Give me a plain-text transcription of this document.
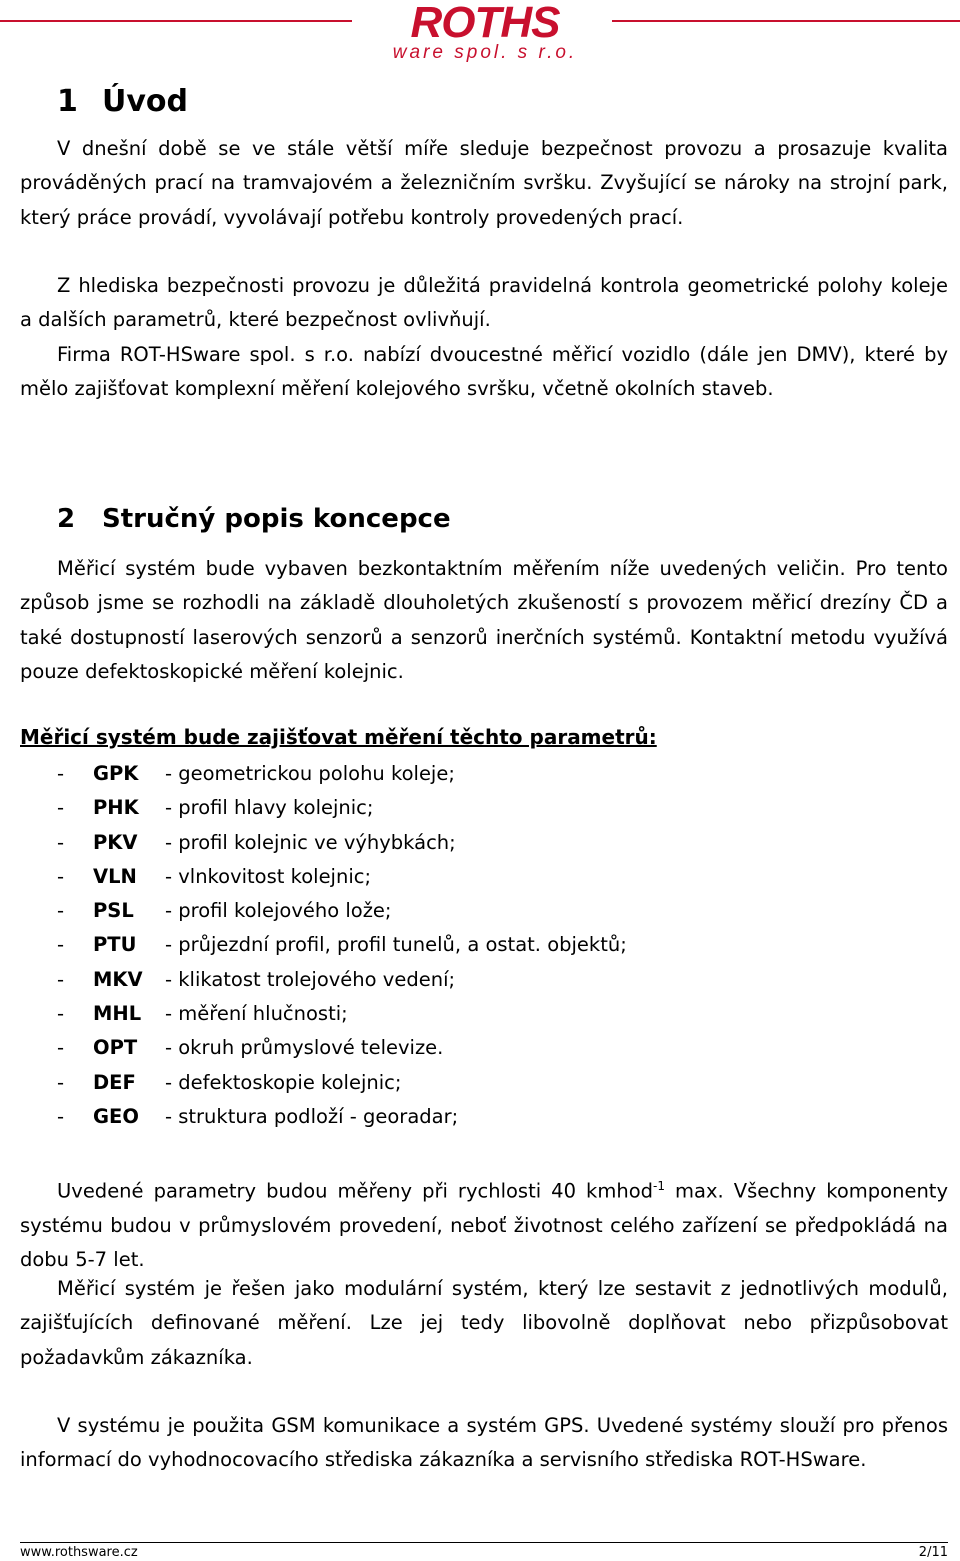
ROTHS
ware spol. s r.o.
1 Úvod
V dnešní době se ve stále větší míře sleduje bezpečnost provozu a prosazuje kvalita prováděných prací na tramvajovém a železničním svršku. Zvyšující se nároky na strojní park, který práce provádí, vyvolávají potřebu kontroly provedených prací.
Z hlediska bezpečnosti provozu je důležitá pravidelná kontrola geometrické polohy koleje a dalších parametrů, které bezpečnost ovlivňují.
Firma ROT-HSware spol. s r.o. nabízí dvoucestné měřicí vozidlo (dále jen DMV), které by mělo zajišťovat komplexní měření kolejového svršku, včetně okolních staveb.
2 Stručný popis koncepce
Měřicí systém bude vybaven bezkontaktním měřením níže uvedených veličin. Pro tento způsob jsme se rozhodli na základě dlouholetých zkušeností s provozem měřicí drezíny ČD a také dostupností laserových senzorů a senzorů inerčních systémů. Kontaktní metodu využívá pouze defektoskopické měření kolejnic.
Měřicí systém bude zajišťovat měření těchto parametrů:
- GPK - geometrickou polohu koleje;
- PHK - profil hlavy kolejnic;
- PKV - profil kolejnic ve výhybkách;
- VLN - vlnkovitost kolejnic;
- PSL - profil kolejového lože;
- PTU - průjezdní profil, profil tunelů, a ostat. objektů;
- MKV - klikatost trolejového vedení;
- MHL - měření hlučnosti;
- OPT - okruh průmyslové televize.
- DEF - defektoskopie kolejnic;
- GEO - struktura podloží - georadar;
Uvedené parametry budou měřeny při rychlosti 40 kmhod$^{-1}$ max. Všechny komponenty systému budou v průmyslovém provedení, neboť životnost celého zařízení se předpokládá na dobu 5-7 let.
Měřicí systém je řešen jako modulární systém, který lze sestavit z jednotlivých modulů, zajišťujících definované měření. Lze jej tedy libovolně doplňovat nebo přizpůsobovat požadavkům zákazníka.
V systému je použita GSM komunikace a systém GPS. Uvedené systémy slouží pro přenos informací do vyhodnocovacího střediska zákazníka a servisního střediska ROT-HSware.
www.rothsware.cz	2/11
